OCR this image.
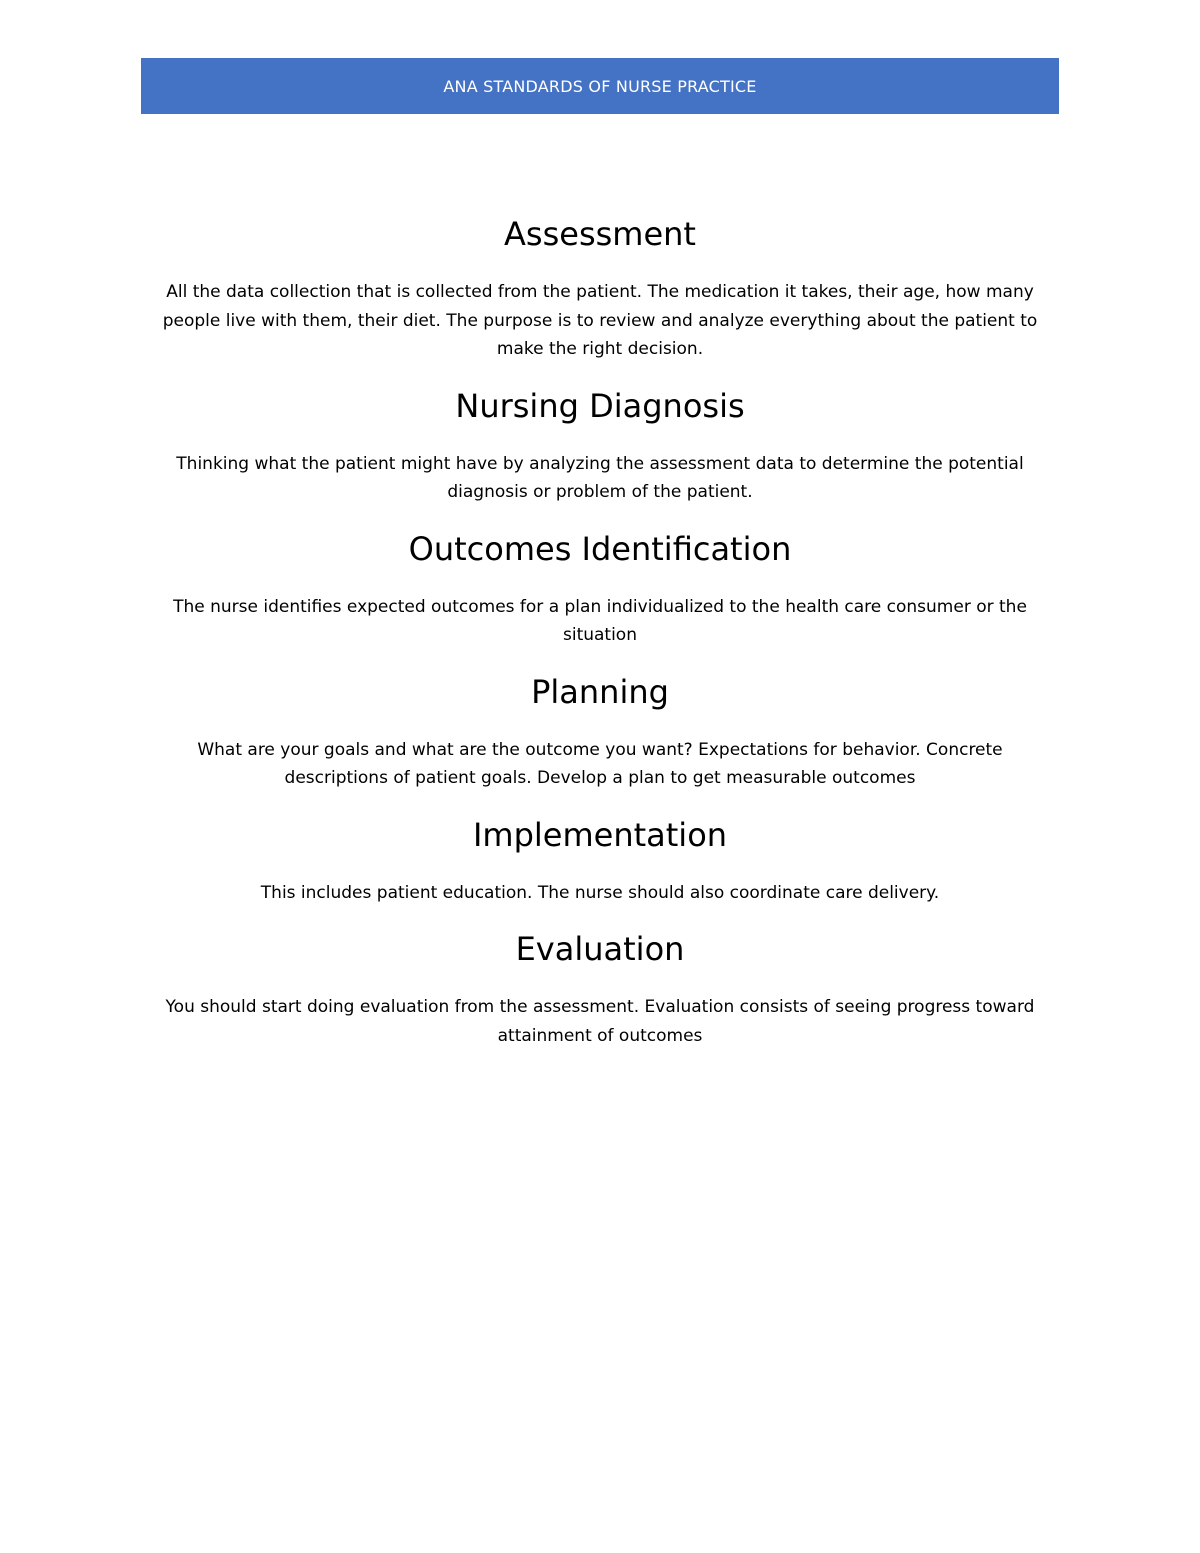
ANA STANDARDS OF NURSE PRACTICE
Assessment

All the data collection that is collected from the patient. The medication it takes, their age, how many people live with them, their diet. The purpose is to review and analyze everything about the patient to make the right decision.

Nursing Diagnosis

Thinking what the patient might have by analyzing the assessment data to determine the potential diagnosis or problem of the patient.

Outcomes Identification

The nurse identifies expected outcomes for a plan individualized to the health care consumer or the situation

Planning

What are your goals and what are the outcome you want? Expectations for behavior. Concrete descriptions of patient goals. Develop a plan to get measurable outcomes

Implementation

This includes patient education. The nurse should also coordinate care delivery.

Evaluation

You should start doing evaluation from the assessment. Evaluation consists of seeing progress toward attainment of outcomes
